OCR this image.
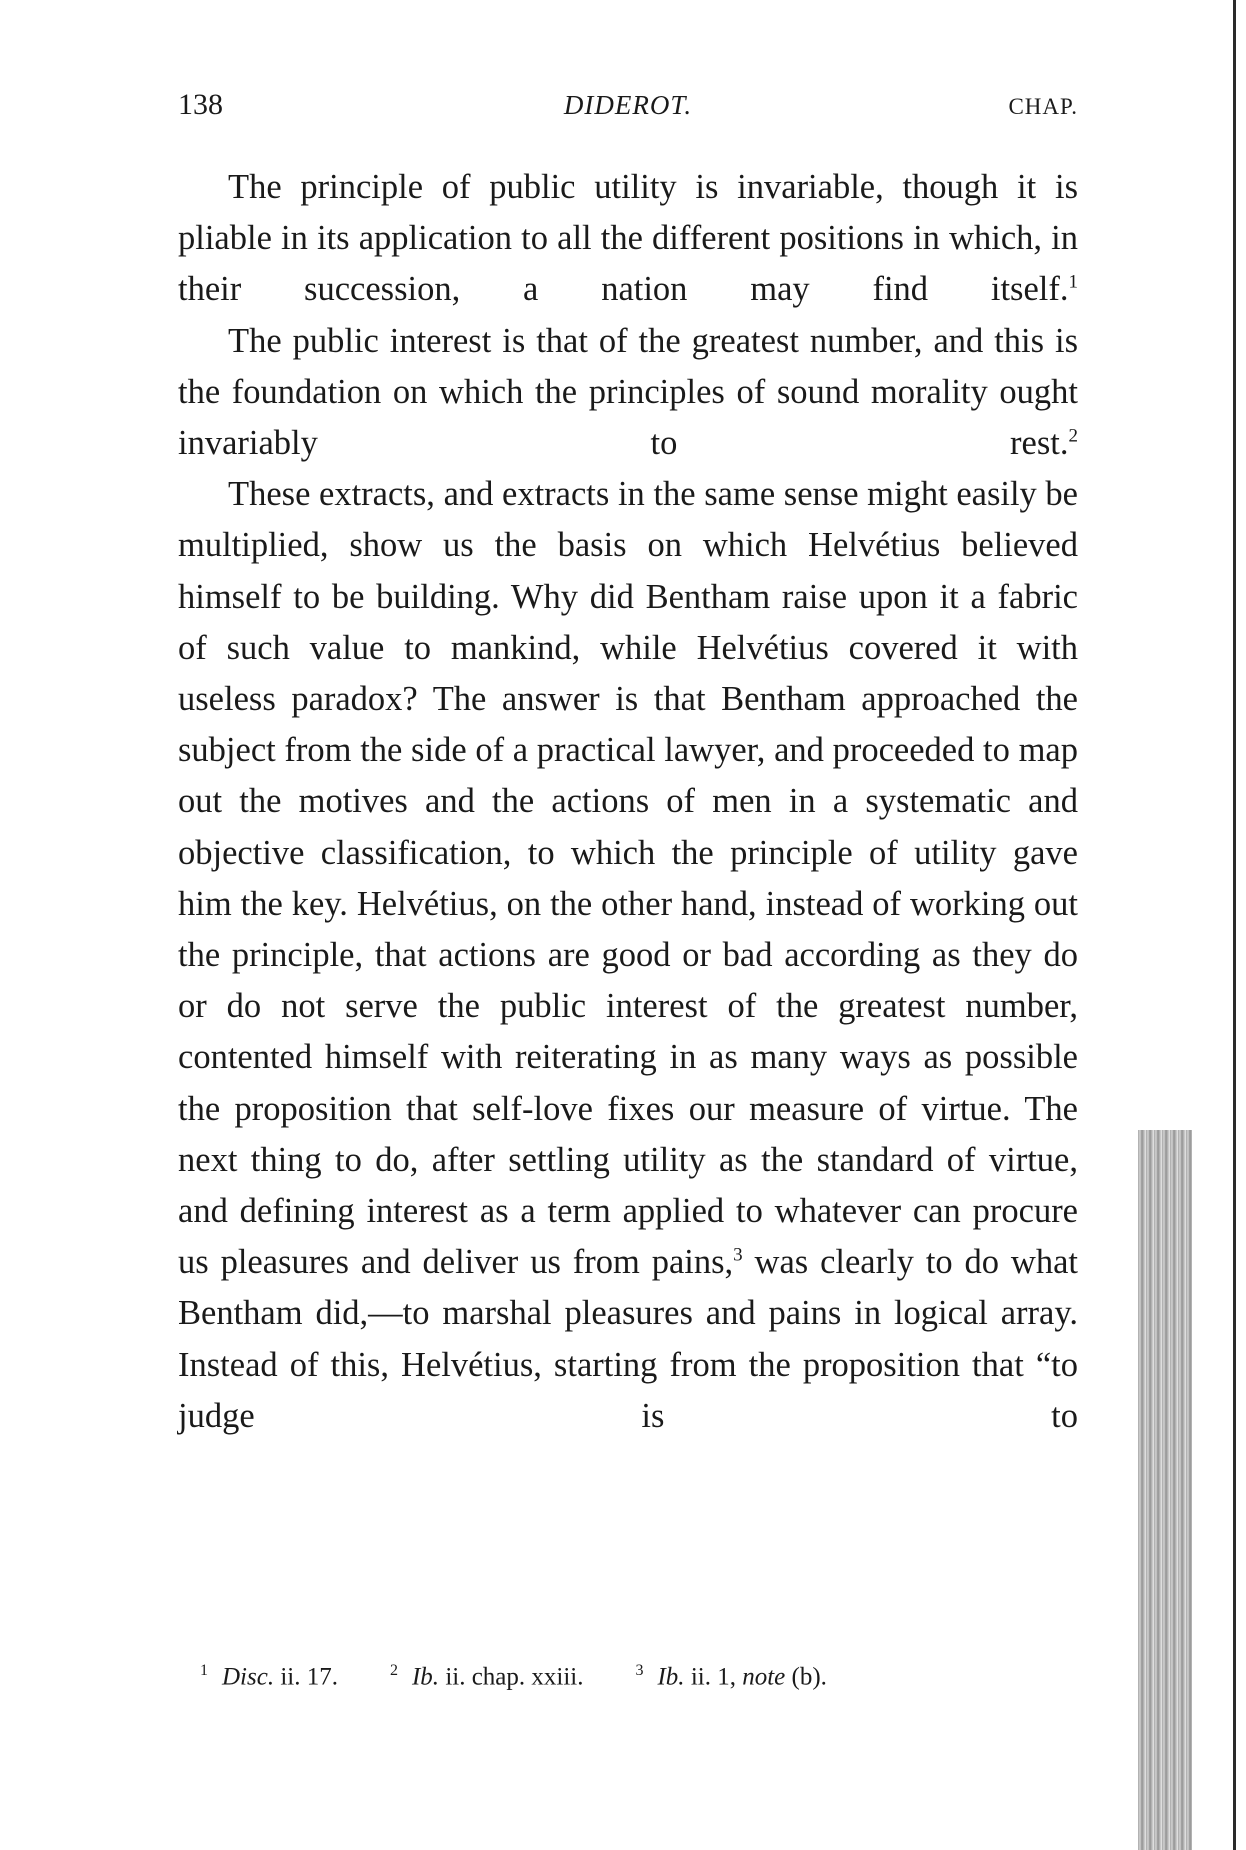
138	DIDEROT.	CHAP.

The principle of public utility is invariable, though it is pliable in its application to all the different positions in which, in their succession, a nation may find itself.$^1$

The public interest is that of the greatest number, and this is the foundation on which the principles of sound morality ought invariably to rest.$^2$

These extracts, and extracts in the same sense might easily be multiplied, show us the basis on which Helvétius believed himself to be building. Why did Bentham raise upon it a fabric of such value to mankind, while Helvétius covered it with useless paradox? The answer is that Bentham approached the subject from the side of a practical lawyer, and proceeded to map out the motives and the actions of men in a systematic and objective classification, to which the principle of utility gave him the key. Helvétius, on the other hand, instead of working out the principle, that actions are good or bad according as they do or do not serve the public interest of the greatest number, contented himself with reiterating in as many ways as possible the proposition that self-love fixes our measure of virtue. The next thing to do, after settling utility as the standard of virtue, and defining interest as a term applied to whatever can procure us pleasures and deliver us from pains,$^3$ was clearly to do what Bentham did,—to marshal pleasures and pains in logical array. Instead of this, Helvétius, starting from the proposition that “to judge is to

$^1$ Disc. ii. 17.	$^2$ Ib. ii. chap. xxiii.	$^3$ Ib. ii. 1, note (b).
